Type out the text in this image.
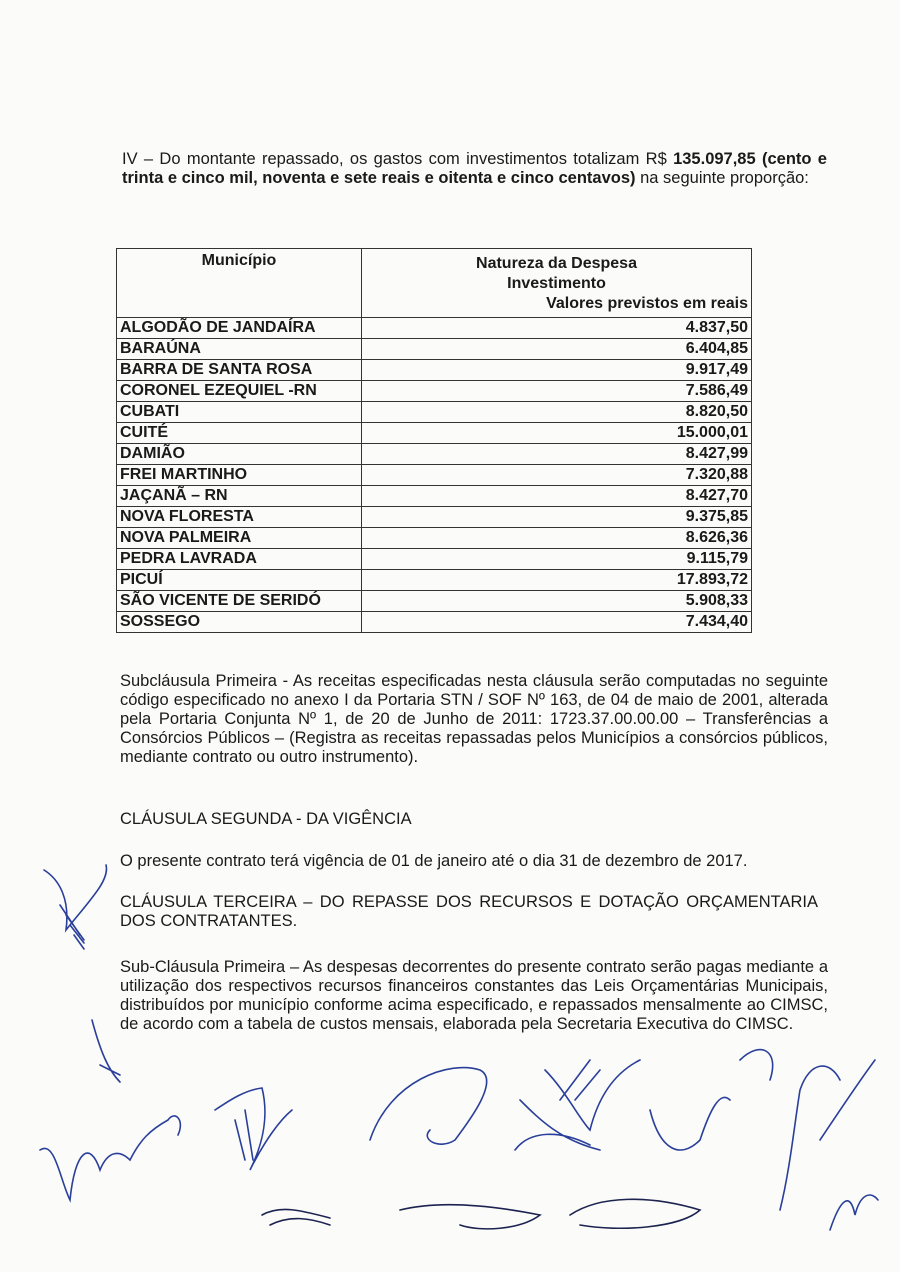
IV – Do montante repassado, os gastos com investimentos totalizam R$ 135.097,85 (cento e trinta e cinco mil, noventa e sete reais e oitenta e cinco centavos) na seguinte proporção:
Município	Natureza da Despesa
Investimento
Valores previstos em reais

ALGODÃO DE JANDAÍRA	4.837,50
BARAÚNA	6.404,85
BARRA DE SANTA ROSA	9.917,49
CORONEL EZEQUIEL -RN	7.586,49
CUBATI	8.820,50
CUITÉ	15.000,01
DAMIÃO	8.427,99
FREI MARTINHO	7.320,88
JAÇANÃ – RN	8.427,70
NOVA FLORESTA	9.375,85
NOVA PALMEIRA	8.626,36
PEDRA LAVRADA	9.115,79
PICUÍ	17.893,72
SÃO VICENTE DE SERIDÓ	5.908,33
SOSSEGO	7.434,40
Subcláusula Primeira - As receitas especificadas nesta cláusula serão computadas no seguinte código especificado no anexo I da Portaria STN / SOF Nº 163, de 04 de maio de 2001, alterada pela Portaria Conjunta Nº 1, de 20 de Junho de 2011: 1723.37.00.00.00 – Transferências a Consórcios Públicos – (Registra as receitas repassadas pelos Municípios a consórcios públicos, mediante contrato ou outro instrumento).
CLÁUSULA SEGUNDA - DA VIGÊNCIA
O presente contrato terá vigência de 01 de janeiro até o dia 31 de dezembro de 2017.
CLÁUSULA TERCEIRA – DO REPASSE DOS RECURSOS E DOTAÇÃO ORÇAMENTARIA DOS CONTRATANTES.
Sub-Cláusula Primeira – As despesas decorrentes do presente contrato serão pagas mediante a utilização dos respectivos recursos financeiros constantes das Leis Orçamentárias Municipais, distribuídos por município conforme acima especificado, e repassados mensalmente ao CIMSC, de acordo com a tabela de custos mensais, elaborada pela Secretaria Executiva do CIMSC.
